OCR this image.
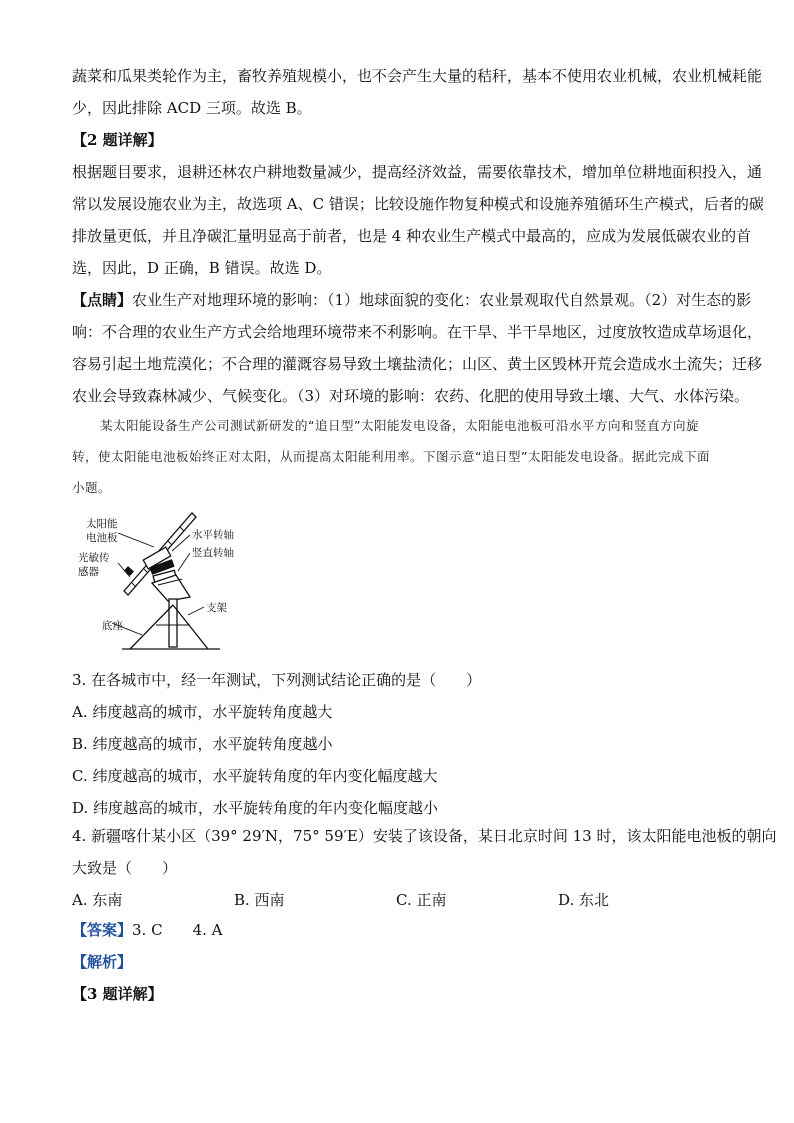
蔬菜和瓜果类轮作为主，畜牧养殖规模小，也不会产生大量的秸秆，基本不使用农业机械，农业机械耗能
少，因此排除 ACD 三项。故选 B。
【2 题详解】
根据题目要求，退耕还林农户耕地数量减少，提高经济效益，需要依靠技术，增加单位耕地面积投入，通
常以发展设施农业为主，故选项 A、C 错误；比较设施作物复种模式和设施养殖循环生产模式，后者的碳
排放量更低，并且净碳汇量明显高于前者，也是 4 种农业生产模式中最高的，应成为发展低碳农业的首
选，因此，D 正确，B 错误。故选 D。
【点睛】农业生产对地理环境的影响：（1）地球面貌的变化：农业景观取代自然景观。（2）对生态的影
响：不合理的农业生产方式会给地理环境带来不利影响。在干旱、半干旱地区，过度放牧造成草场退化，
容易引起土地荒漠化；不合理的灌溉容易导致土壤盐渍化；山区、黄土区毁林开荒会造成水土流失；迁移
农业会导致森林减少、气候变化。（3）对环境的影响：农药、化肥的使用导致土壤、大气、水体污染。
某太阳能设备生产公司测试新研发的“追日型”太阳能发电设备，太阳能电池板可沿水平方向和竖直方向旋转，使太阳能电池板始终正对太阳，从而提高太阳能利用率。下图示意“追日型”太阳能发电设备。据此完成下面小题。
太阳能
电池板
光敏传
感器
水平转轴
竖直转轴
支架
底座
3. 在各城市中，经一年测试，下列测试结论正确的是（　　）
A. 纬度越高的城市，水平旋转角度越大
B. 纬度越高的城市，水平旋转角度越小
C. 纬度越高的城市，水平旋转角度的年内变化幅度越大
D. 纬度越高的城市，水平旋转角度的年内变化幅度越小
4. 新疆喀什某小区（39° 29′N，75° 59′E）安装了该设备，某日北京时间 13 时，该太阳能电池板的朝向
大致是（　　）
A. 东南	B. 西南	C. 正南	D. 东北
【答案】3. C　　4. A
【解析】
【3 题详解】
